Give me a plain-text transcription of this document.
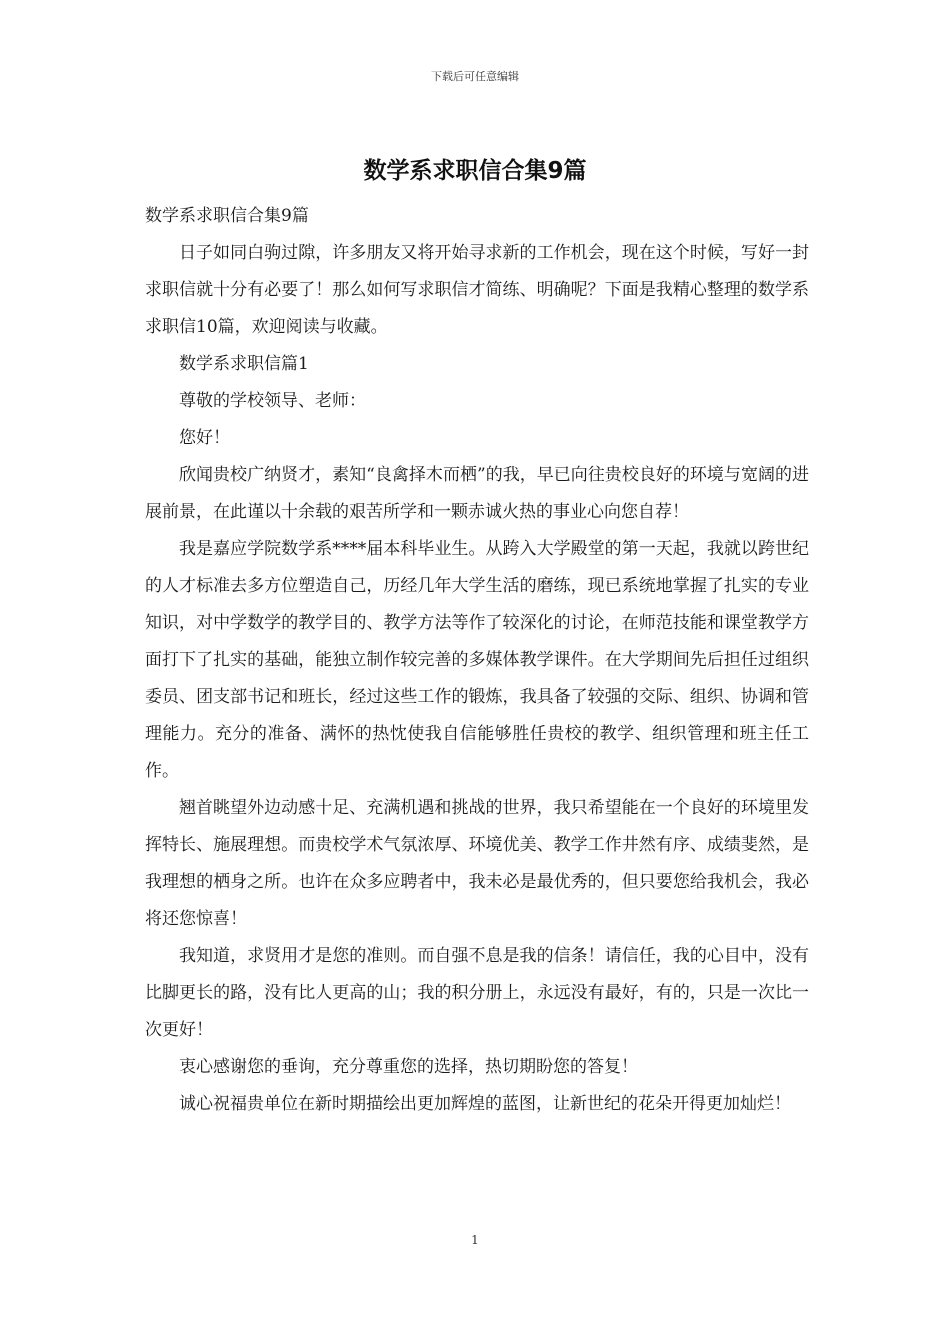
下载后可任意编辑
数学系求职信合集9篇

数学系求职信合集9篇

日子如同白驹过隙，许多朋友又将开始寻求新的工作机会，现在这个时候，写好一封求职信就十分有必要了！那么如何写求职信才简练、明确呢？下面是我精心整理的数学系求职信10篇，欢迎阅读与收藏。

数学系求职信篇1

尊敬的学校领导、老师：

您好！

欣闻贵校广纳贤才，素知“良禽择木而栖”的我，早已向往贵校良好的环境与宽阔的进展前景，在此谨以十余载的艰苦所学和一颗赤诚火热的事业心向您自荐！

我是嘉应学院数学系****届本科毕业生。从跨入大学殿堂的第一天起，我就以跨世纪的人才标准去多方位塑造自己，历经几年大学生活的磨练，现已系统地掌握了扎实的专业知识，对中学数学的教学目的、教学方法等作了较深化的讨论，在师范技能和课堂教学方面打下了扎实的基础，能独立制作较完善的多媒体教学课件。在大学期间先后担任过组织委员、团支部书记和班长，经过这些工作的锻炼，我具备了较强的交际、组织、协调和管理能力。充分的准备、满怀的热忱使我自信能够胜任贵校的教学、组织管理和班主任工作。

翘首眺望外边动感十足、充满机遇和挑战的世界，我只希望能在一个良好的环境里发挥特长、施展理想。而贵校学术气氛浓厚、环境优美、教学工作井然有序、成绩斐然，是我理想的栖身之所。也许在众多应聘者中，我未必是最优秀的，但只要您给我机会，我必将还您惊喜！

我知道，求贤用才是您的准则。而自强不息是我的信条！请信任，我的心目中，没有比脚更长的路，没有比人更高的山；我的积分册上，永远没有最好，有的，只是一次比一次更好！

衷心感谢您的垂询，充分尊重您的选择，热切期盼您的答复！

诚心祝福贵单位在新时期描绘出更加辉煌的蓝图，让新世纪的花朵开得更加灿烂！

1
